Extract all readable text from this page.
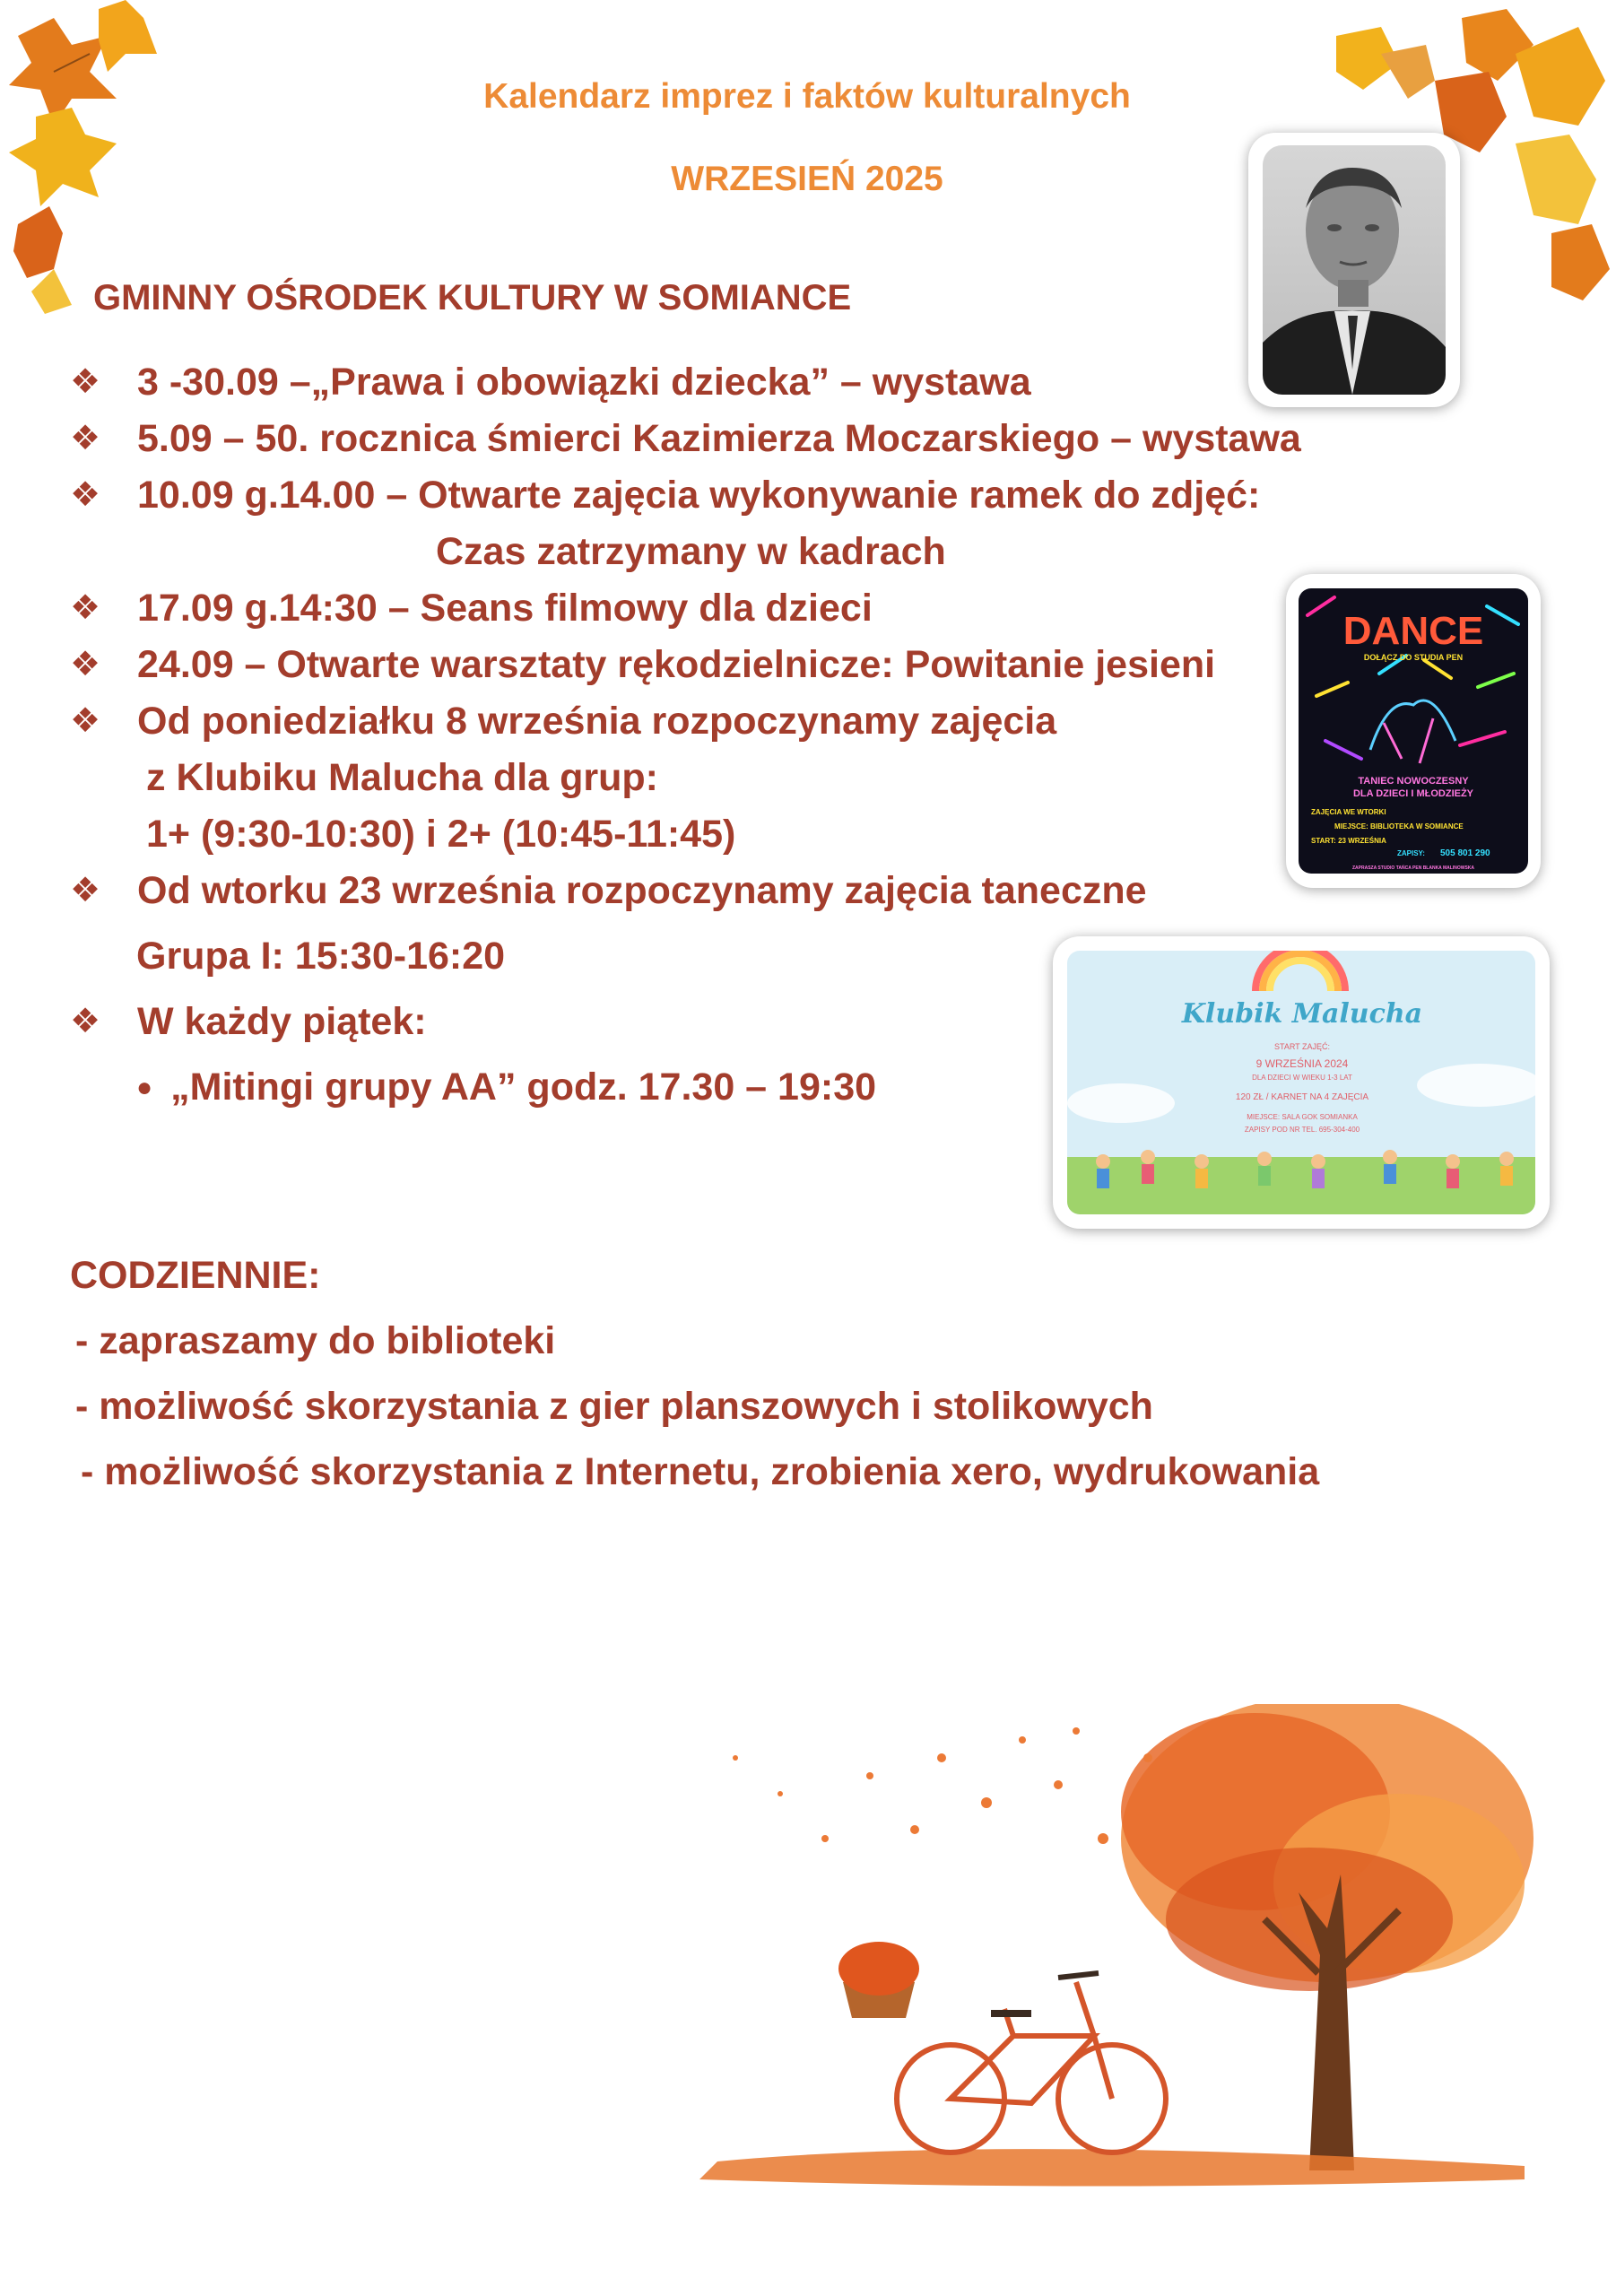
Kalendarz imprez i faktów kulturalnych
WRZESIEŃ 2025
GMINNY OŚRODEK KULTURY W SOMIANCE
❖ 3 -30.09 –„Prawa i obowiązki dziecka” – wystawa
❖ 5.09 – 50. rocznica śmierci Kazimierza Moczarskiego – wystawa
❖ 10.09 g.14.00 – Otwarte zajęcia wykonywanie ramek do zdjęć:
Czas zatrzymany w kadrach
❖ 17.09 g.14:30 – Seans filmowy dla dzieci
❖ 24.09 – Otwarte warsztaty rękodzielnicze: Powitanie jesieni
❖ Od poniedziałku 8 września rozpoczynamy zajęcia
z Klubiku Malucha dla grup:
1+ (9:30-10:30) i 2+ (10:45-11:45)
❖ Od wtorku 23 września rozpoczynamy zajęcia taneczne
Grupa I: 15:30-16:20
❖ W każdy piątek:
● „Mitingi grupy AA” godz. 17.30 – 19:30
CODZIENNIE:
- zapraszamy do biblioteki
- możliwość skorzystania z gier planszowych i stolikowych
- możliwość skorzystania z Internetu, zrobienia xero, wydrukowania
DANCE
DOŁĄCZ DO STUDIA PEN
TANIEC NOWOCZESNY
DLA DZIECI I MŁODZIEŻY
ZAJĘCIA WE WTORKI
MIEJSCE: BIBLIOTEKA W SOMIANCE
START: 23 WRZEŚNIA
ZAPISY: 505 801 290
ZAPRASZA STUDIO TAŃCA PEN BLANKA MALINOWSKA
Klubik Malucha
START ZAJĘĆ:
9 WRZEŚNIA 2024
DLA DZIECI W WIEKU 1-3 LAT
120 ZŁ / KARNET NA 4 ZAJĘCIA
MIEJSCE: SALA GOK SOMIANKA
ZAPISY POD NR TEL. 695-304-400
